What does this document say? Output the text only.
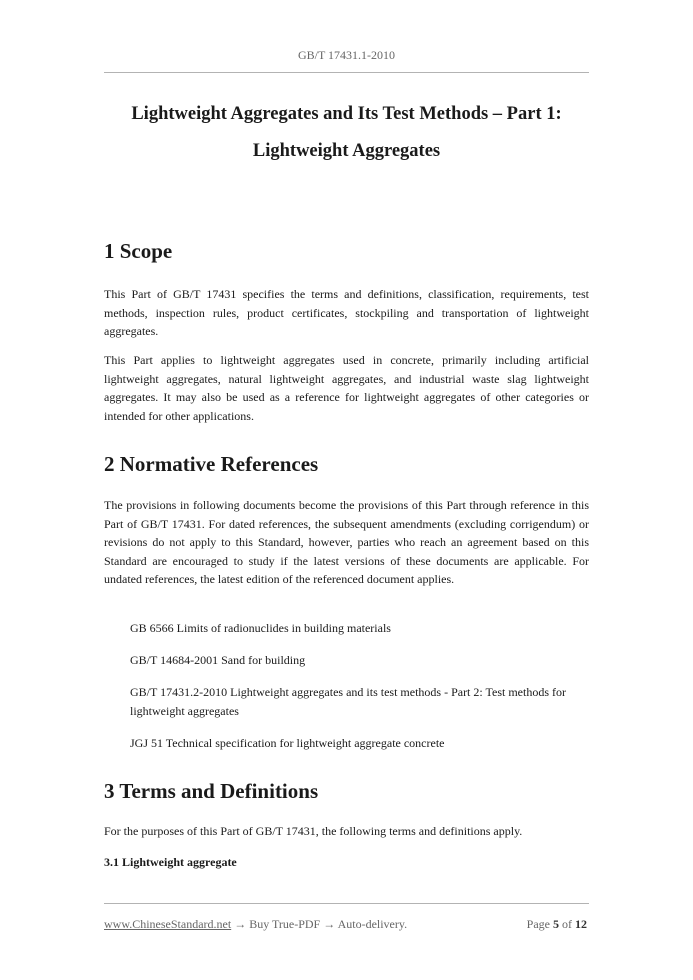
GB/T 17431.1-2010
Lightweight Aggregates and Its Test Methods – Part 1:
Lightweight Aggregates
1 Scope
This Part of GB/T 17431 specifies the terms and definitions, classification, requirements, test methods, inspection rules, product certificates, stockpiling and transportation of lightweight aggregates.
This Part applies to lightweight aggregates used in concrete, primarily including artificial lightweight aggregates, natural lightweight aggregates, and industrial waste slag lightweight aggregates. It may also be used as a reference for lightweight aggregates of other categories or intended for other applications.
2 Normative References
The provisions in following documents become the provisions of this Part through reference in this Part of GB/T 17431. For dated references, the subsequent amendments (excluding corrigendum) or revisions do not apply to this Standard, however, parties who reach an agreement based on this Standard are encouraged to study if the latest versions of these documents are applicable. For undated references, the latest edition of the referenced document applies.
GB 6566 Limits of radionuclides in building materials
GB/T 14684-2001 Sand for building
GB/T 17431.2-2010 Lightweight aggregates and its test methods - Part 2: Test methods for lightweight aggregates
JGJ 51 Technical specification for lightweight aggregate concrete
3 Terms and Definitions
For the purposes of this Part of GB/T 17431, the following terms and definitions apply.
3.1 Lightweight aggregate
www.ChineseStandard.net → Buy True-PDF → Auto-delivery.	Page 5 of 12
